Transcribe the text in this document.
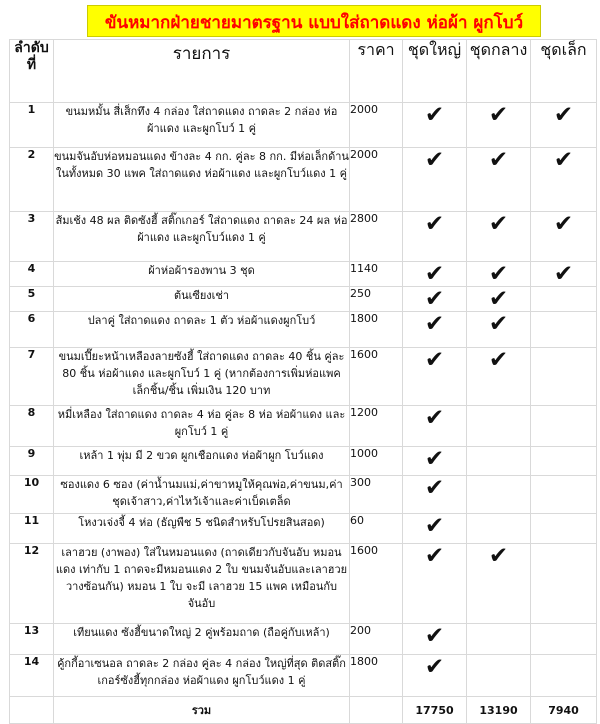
ขันหมากฝ่ายชายมาตรฐาน แบบใส่ถาดแดง ห่อผ้า ผูกโบว์
ลำดับที่	รายการ	ราคา	ชุดใหญ่	ชุดกลาง	ชุดเล็ก
1	ขนมหมั้น สี่เส็กทึง 4 กล่อง ใส่ถาดแดง ถาดละ 2 กล่อง ห่อผ้าแดง และผูกโบว์ 1 คู่	2000	✔	✔	✔
2	ขนมจันอับห่อหมอนแดง ข้างละ 4 กก. คู่ละ 8 กก. มีห่อเล็กด้านในทั้งหมด 30 แพค ใส่ถาดแดง ห่อผ้าแดง และผูกโบว์แดง 1 คู่	2000	✔	✔	✔
3	ส้มเช้ง 48 ผล ติดซังฮี้ สติ๊กเกอร์ ใส่ถาดแดง ถาดละ 24 ผล ห่อผ้าแดง และผูกโบว์แดง 1 คู่	2800	✔	✔	✔
4	ผ้าห่อผ้ารองพาน 3 ชุด	1140	✔	✔	✔
5	ต้นเซียงเช่า	250	✔	✔	
6	ปลาคู่ ใส่ถาดแดง ถาดละ 1 ตัว ห่อผ้าแดงผูกโบว์	1800	✔	✔	
7	ขนมเปี๊ยะหน้าเหลืองลายซังฮี้ ใส่ถาดแดง ถาดละ 40 ชิ้น คู่ละ 80 ชิ้น ห่อผ้าแดง และผูกโบว์ 1 คู่ (หากต้องการเพิ่มห่อแพคเล็กชิ้น/ชิ้น เพิ่มเงิน 120 บาท	1600	✔	✔	
8	หมี่เหลือง ใส่ถาดแดง ถาดละ 4 ห่อ คู่ละ 8 ห่อ ห่อผ้าแดง และผูกโบว์ 1 คู่	1200	✔		
9	เหล้า 1 พุ่ม มี 2 ขวด ผูกเชือกแดง ห่อผ้าผูก โบว์แดง	1000	✔		
10	ซองแดง 6 ซอง (ค่าน้ำนมแม่,ค่าขาหมูให้คุณพ่อ,ค่าขนม,ค่าชุดเจ้าสาว,ค่าไหว้เจ้าและค่าเบ็ดเตล็ด	300	✔		
11	โหงวเจ่งจี้ 4 ห่อ (ธัญพืช 5 ชนิดสำหรับโปรยสินสอด)	60	✔		
12	เลาฮวย (งาพอง) ใส่ในหมอนแดง (ถาดเดียวกับจันอับ หมอนแดง เท่ากับ 1 ถาดจะมีหมอนแดง 2 ใบ ขนมจันอับและเลาฮวยวางซ้อนกัน) หมอน 1 ใบ จะมี เลาฮวย 15 แพค เหมือนกับจันอับ	1600	✔	✔	
13	เทียนแดง ซังฮี้ขนาดใหญ่ 2 คู่พร้อมถาด (ถือคู่กับเหล้า)	200	✔		
14	คู้กกี้อาเซนอล ถาดละ 2 กล่อง คู่ละ 4 กล่อง ใหญ่ที่สุด ติดสติ๊กเกอร์ซังฮี้ทุกกล่อง ห่อผ้าแดง ผูกโบว์แดง 1 คู่	1800	✔		
	รวม		17750	13190	7940
